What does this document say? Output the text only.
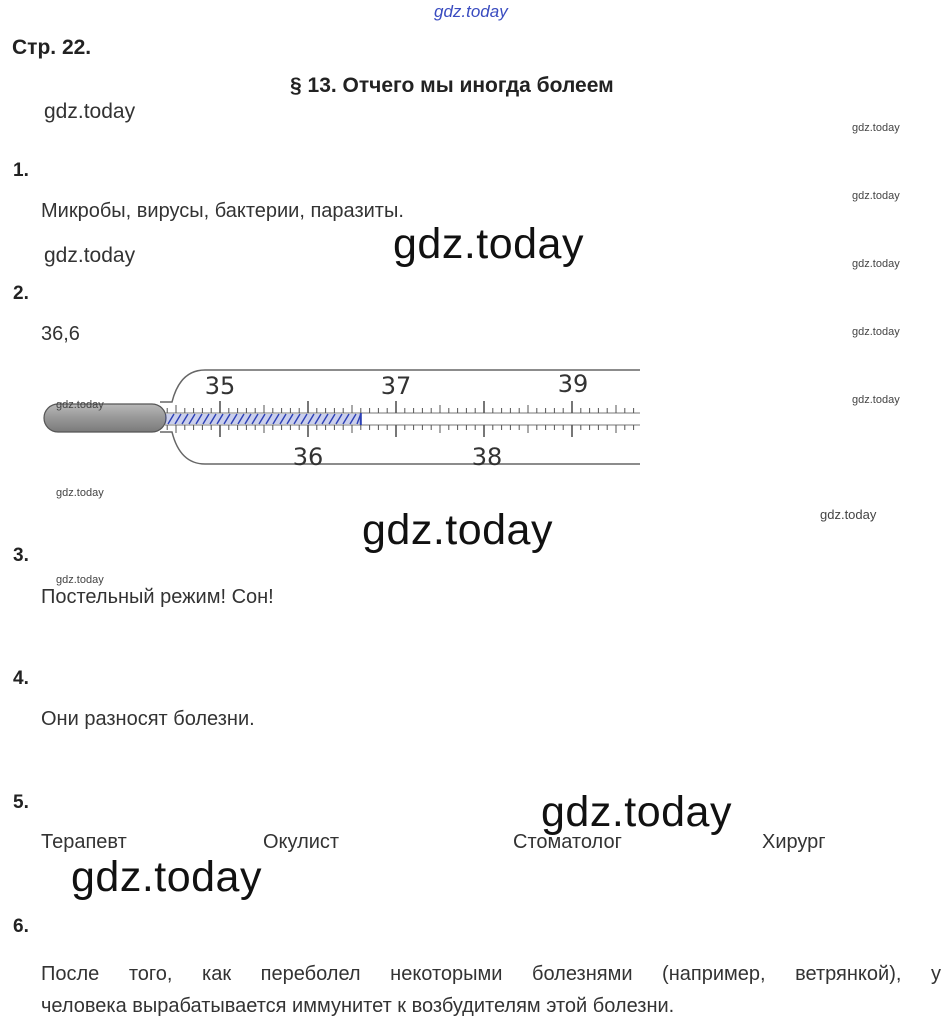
gdz.today
Стр. 22.
§ 13. Отчего мы иногда болеем
gdz.today
gdz.today
1.
Микробы, вирусы, бактерии, паразиты.
gdz.today
gdz.today	gdz.today	gdz.today
2.
36,6	gdz.today
gdz.today
35	37	39
36	38
gdz.today
gdz.today
gdz.today
gdz.today
3.
gdz.today
Постельный режим! Сон!
4.
Они разносят болезни.
5.	gdz.today
Терапевт	Окулист	Стоматолог	Хирург
gdz.today
6.
После того, как переболел некоторыми болезнями (например, ветрянкой), у
человека вырабатывается иммунитет к возбудителям этой болезни.
